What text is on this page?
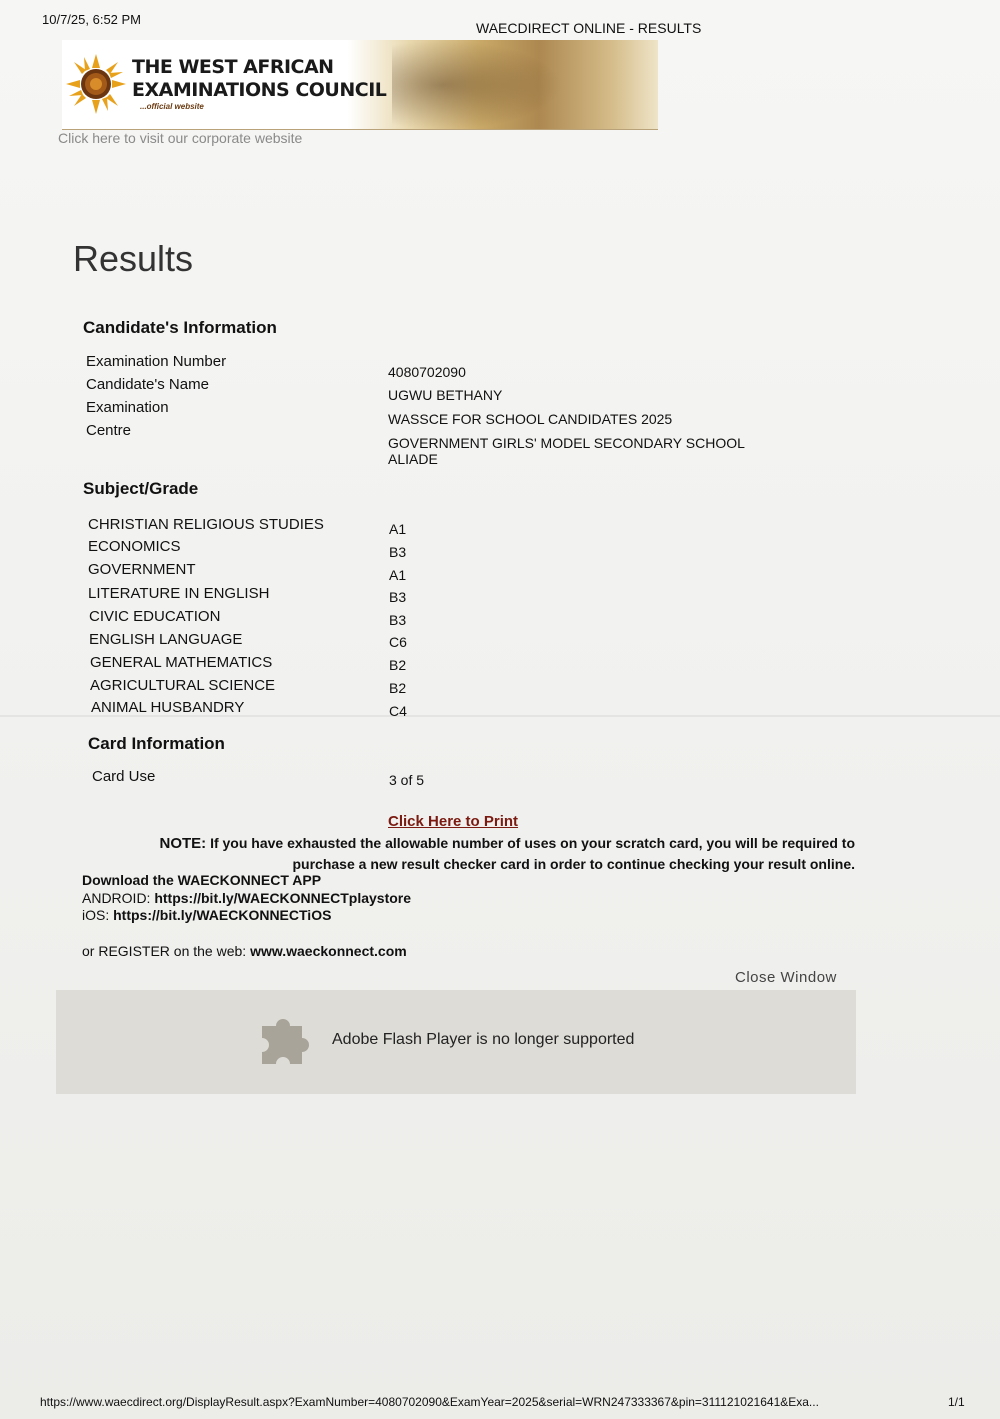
10/7/25, 6:52 PM
WAECDIRECT ONLINE - RESULTS
THE WEST AFRICAN
EXAMINATIONS COUNCIL
...official website
Click here to visit our corporate website
Results
Candidate's Information
Examination Number
4080702090
Candidate's Name
UGWU BETHANY
Examination
WASSCE FOR SCHOOL CANDIDATES 2025
Centre
GOVERNMENT GIRLS' MODEL SECONDARY SCHOOL
ALIADE
Subject/Grade
CHRISTIAN RELIGIOUS STUDIES	A1
ECONOMICS	B3
GOVERNMENT	A1
LITERATURE IN ENGLISH	B3
CIVIC EDUCATION	B3
ENGLISH LANGUAGE	C6
GENERAL MATHEMATICS	B2
AGRICULTURAL SCIENCE	B2
ANIMAL HUSBANDRY	C4
Card Information
Card Use	3 of 5
Click Here to Print
NOTE: If you have exhausted the allowable number of uses on your scratch card, you will be required to
purchase a new result checker card in order to continue checking your result online.
Download the WAECKONNECT APP
ANDROID: https://bit.ly/WAECKONNECTplaystore
iOS: https://bit.ly/WAECKONNECTiOS
or REGISTER on the web: www.waeckonnect.com
Close Window
Adobe Flash Player is no longer supported
https://www.waecdirect.org/DisplayResult.aspx?ExamNumber=4080702090&ExamYear=2025&serial=WRN247333367&pin=311121021641&Exa...	1/1
